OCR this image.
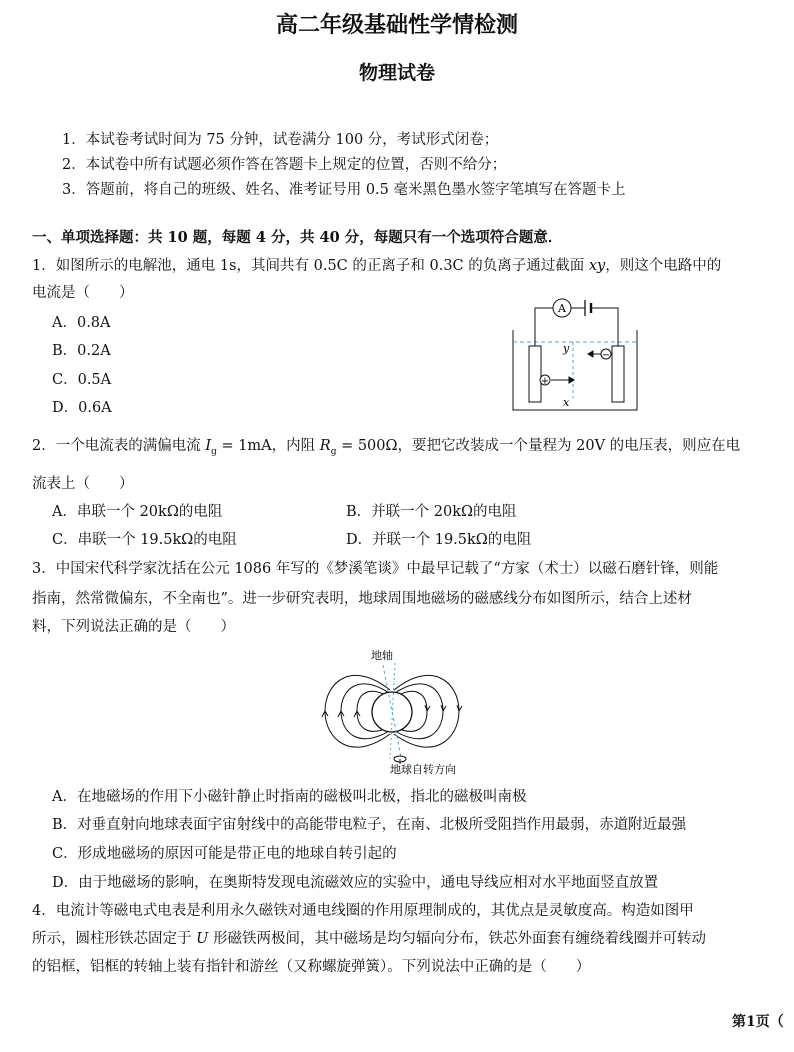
高二年级基础性学情检测
物理试卷
1．本试卷考试时间为 75 分钟，试卷满分 100 分，考试形式闭卷；
2．本试卷中所有试题必须作答在答题卡上规定的位置，否则不给分；
3．答题前，将自己的班级、姓名、准考证号用 0.5 毫米黑色墨水签字笔填写在答题卡上
一、单项选择题：共 10 题，每题 4 分，共 40 分，每题只有一个选项符合题意．
1．如图所示的电解池，通电 1s，其间共有 0.5C 的正离子和 0.3C 的负离子通过截面 xy，则这个电路中的
电流是（　　）
A．0.8A
B．0.2A
C．0.5A
D．0.6A
A
+
−
y
x
2．一个电流表的满偏电流 $I_g = 1mA$，内阻 $R_g = 500\Omega$，要把它改装成一个量程为 20V 的电压表，则应在电
流表上（　　）
A．串联一个 20kΩ的电阻	B．并联一个 20kΩ的电阻
C．串联一个 19.5kΩ的电阻	D．并联一个 19.5kΩ的电阻
3．中国宋代科学家沈括在公元 1086 年写的《梦溪笔谈》中最早记载了“方家（术士）以磁石磨针锋，则能
指南，然常微偏东，不全南也”。进一步研究表明，地球周围地磁场的磁感线分布如图所示，结合上述材
料，下列说法正确的是（　　）
地轴
地球自转方向
A．在地磁场的作用下小磁针静止时指南的磁极叫北极，指北的磁极叫南极
B．对垂直射向地球表面宇宙射线中的高能带电粒子，在南、北极所受阻挡作用最弱，赤道附近最强
C．形成地磁场的原因可能是带正电的地球自转引起的
D．由于地磁场的影响，在奥斯特发现电流磁效应的实验中，通电导线应相对水平地面竖直放置
4．电流计等磁电式电表是利用永久磁铁对通电线圈的作用原理制成的，其优点是灵敏度高。构造如图甲
所示，圆柱形铁芯固定于 U 形磁铁两极间，其中磁场是均匀辐向分布，铁芯外面套有缠绕着线圈并可转动
的铝框，铝框的转轴上装有指针和游丝（又称螺旋弹簧）。下列说法中正确的是（　　）
第1页（
